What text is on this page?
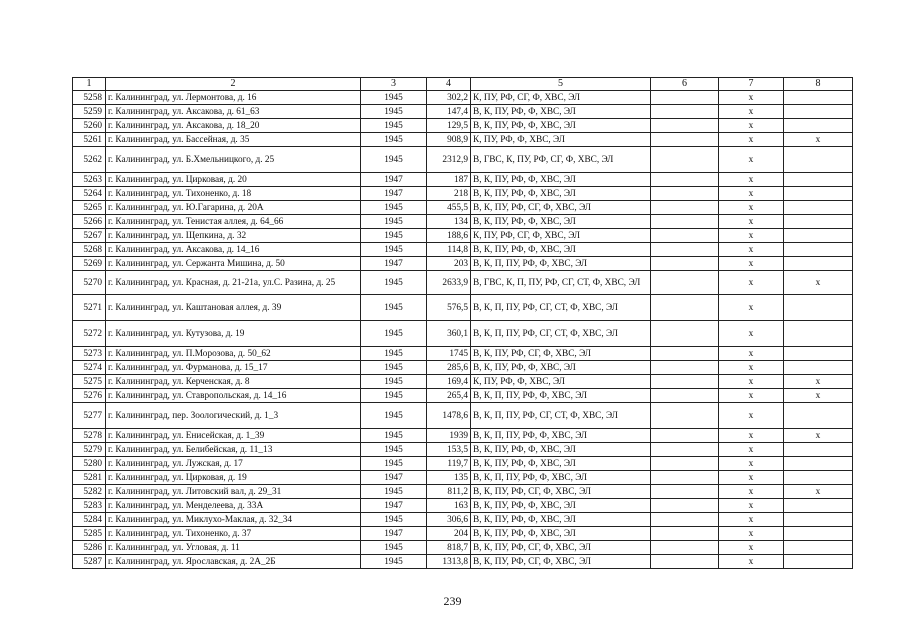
1	2	3	4	5	6	7	8
5258	г. Калининград, ул. Лермонтова, д. 16	1945	302,2	К, ПУ, РФ, СГ, Ф, ХВС, ЭЛ		x	
5259	г. Калининград, ул. Аксакова, д. 61_63	1945	147,4	В, К, ПУ, РФ, Ф, ХВС, ЭЛ		x	
5260	г. Калининград, ул. Аксакова, д. 18_20	1945	129,5	В, К, ПУ, РФ, Ф, ХВС, ЭЛ		x	
5261	г. Калининград, ул. Бассейная, д. 35	1945	908,9	К, ПУ, РФ, Ф, ХВС, ЭЛ		x	x
5262	г. Калининград, ул. Б.Хмельницкого, д. 25	1945	2312,9	В, ГВС, К, ПУ, РФ, СГ, Ф, ХВС, ЭЛ		x	
5263	г. Калининград, ул. Цирковая, д. 20	1947	187	В, К, ПУ, РФ, Ф, ХВС, ЭЛ		x	
5264	г. Калининград, ул. Тихоненко, д. 18	1947	218	В, К, ПУ, РФ, Ф, ХВС, ЭЛ		x	
5265	г. Калининград, ул. Ю.Гагарина, д. 20А	1945	455,5	В, К, ПУ, РФ, СГ, Ф, ХВС, ЭЛ		x	
5266	г. Калининград, ул. Тенистая аллея, д. 64_66	1945	134	В, К, ПУ, РФ, Ф, ХВС, ЭЛ		x	
5267	г. Калининград, ул. Щепкина, д. 32	1945	188,6	К, ПУ, РФ, СГ, Ф, ХВС, ЭЛ		x	
5268	г. Калининград, ул. Аксакова, д. 14_16	1945	114,8	В, К, ПУ, РФ, Ф, ХВС, ЭЛ		x	
5269	г. Калининград, ул. Сержанта Мишина, д. 50	1947	203	В, К, П, ПУ, РФ, Ф, ХВС, ЭЛ		x	
5270	г. Калининград, ул. Красная, д. 21-21а, ул.С. Разина, д. 25	1945	2633,9	В, ГВС, К, П, ПУ, РФ, СГ, СТ, Ф, ХВС, ЭЛ		x	x
5271	г. Калининград, ул. Каштановая аллея, д. 39	1945	576,5	В, К, П, ПУ, РФ, СГ, СТ, Ф, ХВС, ЭЛ		x	
5272	г. Калининград, ул. Кутузова, д. 19	1945	360,1	В, К, П, ПУ, РФ, СГ, СТ, Ф, ХВС, ЭЛ		x	
5273	г. Калининград, ул. П.Морозова, д. 50_62	1945	1745	В, К, ПУ, РФ, СГ, Ф, ХВС, ЭЛ		x	
5274	г. Калининград, ул. Фурманова, д. 15_17	1945	285,6	В, К, ПУ, РФ, Ф, ХВС, ЭЛ		x	
5275	г. Калининград, ул. Керченская, д. 8	1945	169,4	К, ПУ, РФ, Ф, ХВС, ЭЛ		x	x
5276	г. Калининград, ул. Ставропольская, д. 14_16	1945	265,4	В, К, П, ПУ, РФ, Ф, ХВС, ЭЛ		x	x
5277	г. Калининград, пер. Зоологический, д. 1_3	1945	1478,6	В, К, П, ПУ, РФ, СГ, СТ, Ф, ХВС, ЭЛ		x	
5278	г. Калининград, ул. Енисейская, д. 1_39	1945	1939	В, К, П, ПУ, РФ, Ф, ХВС, ЭЛ		x	x
5279	г. Калининград, ул. Белибейская, д. 11_13	1945	153,5	В, К, ПУ, РФ, Ф, ХВС, ЭЛ		x	
5280	г. Калининград, ул. Лужская, д. 17	1945	119,7	В, К, ПУ, РФ, Ф, ХВС, ЭЛ		x	
5281	г. Калининград, ул. Цирковая, д. 19	1947	135	В, К, П, ПУ, РФ, Ф, ХВС, ЭЛ		x	
5282	г. Калининград, ул. Литовский вал, д. 29_31	1945	811,2	В, К, ПУ, РФ, СГ, Ф, ХВС, ЭЛ		x	x
5283	г. Калининград, ул. Менделеева, д. 33А	1947	163	В, К, ПУ, РФ, Ф, ХВС, ЭЛ		x	
5284	г. Калининград, ул. Миклухо-Маклая, д. 32_34	1945	306,6	В, К, ПУ, РФ, Ф, ХВС, ЭЛ		x	
5285	г. Калининград, ул. Тихоненко, д. 37	1947	204	В, К, ПУ, РФ, Ф, ХВС, ЭЛ		x	
5286	г. Калининград, ул. Угловая, д. 11	1945	818,7	В, К, ПУ, РФ, СГ, Ф, ХВС, ЭЛ		x	
5287	г. Калининград, ул. Ярославская, д. 2А_2Б	1945	1313,8	В, К, ПУ, РФ, СГ, Ф, ХВС, ЭЛ		x	
239
